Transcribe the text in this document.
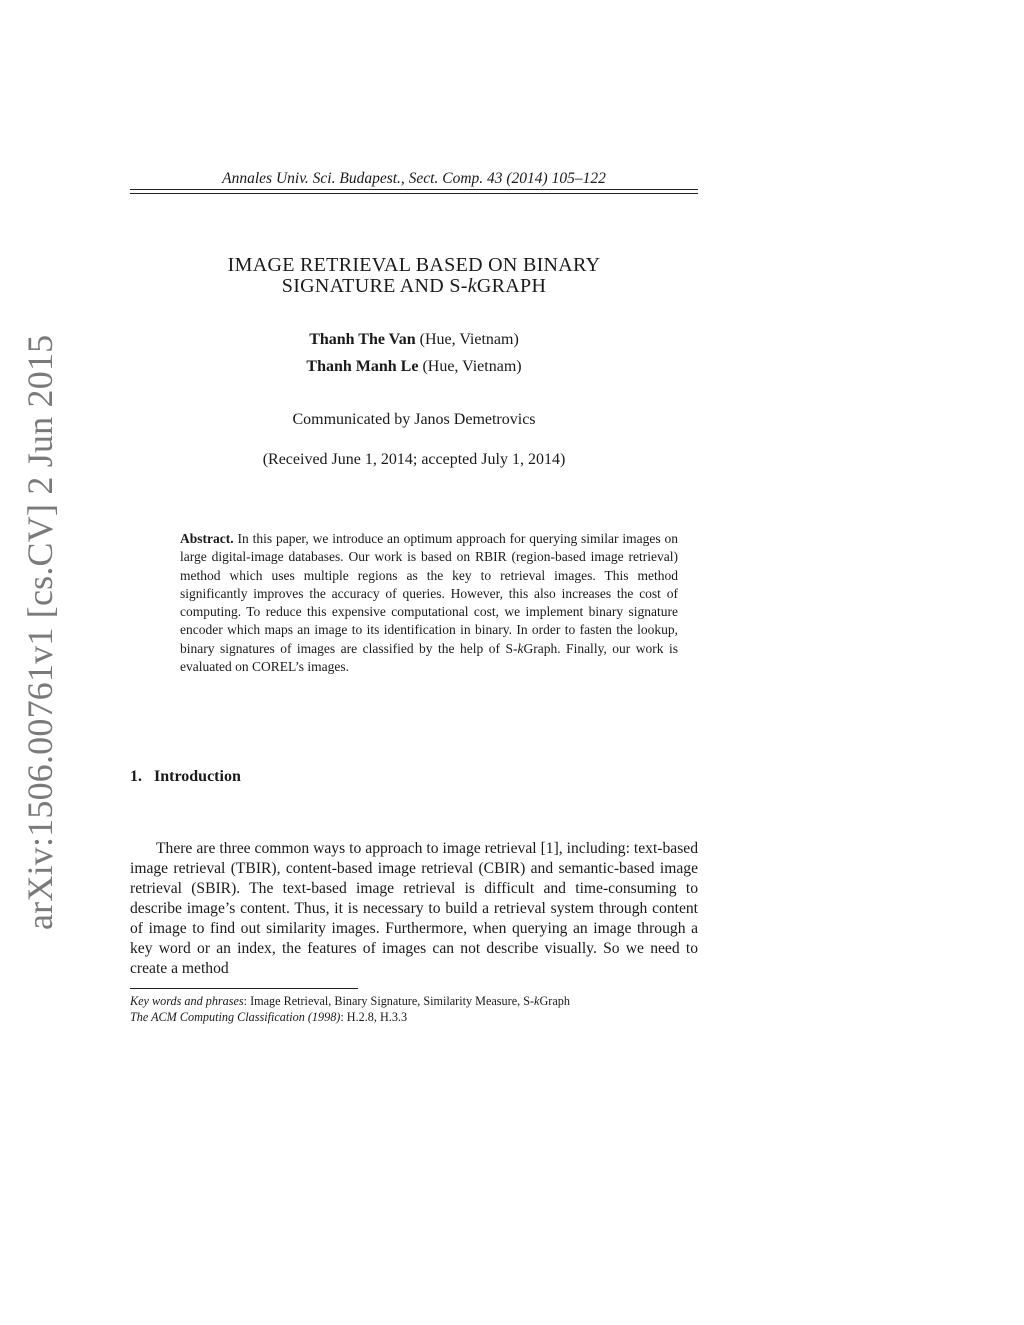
arXiv:1506.00761v1 [cs.CV] 2 Jun 2015
Annales Univ. Sci. Budapest., Sect. Comp. 43 (2014) 105–122
IMAGE RETRIEVAL BASED ON BINARY
SIGNATURE AND S-kGRAPH
Thanh The Van (Hue, Vietnam)
Thanh Manh Le (Hue, Vietnam)
Communicated by Janos Demetrovics
(Received June 1, 2014; accepted July 1, 2014)
Abstract. In this paper, we introduce an optimum approach for querying similar images on large digital-image databases. Our work is based on RBIR (region-based image retrieval) method which uses multiple regions as the key to retrieval images. This method significantly improves the accuracy of queries. However, this also increases the cost of computing. To reduce this expensive computational cost, we implement binary signature encoder which maps an image to its identification in binary. In order to fasten the lookup, binary signatures of images are classified by the help of S-kGraph. Finally, our work is evaluated on COREL’s images.
1. Introduction

There are three common ways to approach to image retrieval [1], including: text-based image retrieval (TBIR), content-based image retrieval (CBIR) and semantic-based image retrieval (SBIR). The text-based image retrieval is difficult and time-consuming to describe image’s content. Thus, it is necessary to build a retrieval system through content of image to find out similarity images. Furthermore, when querying an image through a key word or an index, the features of images can not describe visually. So we need to create a method

Key words and phrases: Image Retrieval, Binary Signature, Similarity Measure, S-kGraph
The ACM Computing Classification (1998): H.2.8, H.3.3
